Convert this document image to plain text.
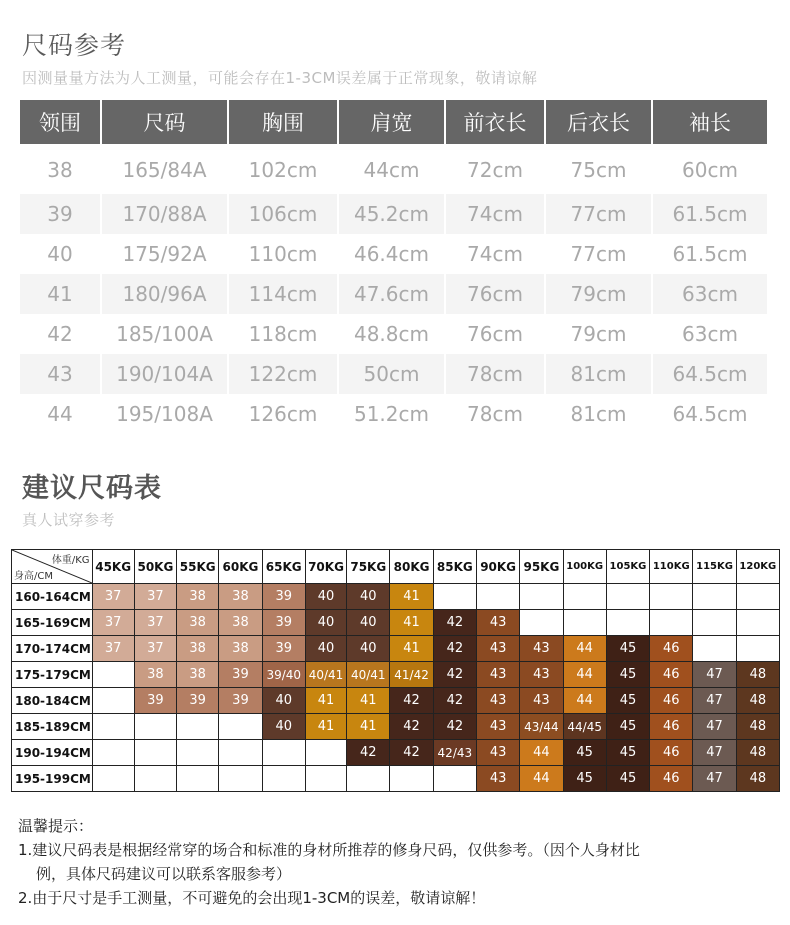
尺码参考
因测量量方法为人工测量，可能会存在1-3CM误差属于正常现象，敬请谅解
领围	尺码	胸围	肩宽	前衣长	后衣长	袖长
38	165/84A	102cm	44cm	72cm	75cm	60cm
39	170/88A	106cm	45.2cm	74cm	77cm	61.5cm
40	175/92A	110cm	46.4cm	74cm	77cm	61.5cm
41	180/96A	114cm	47.6cm	76cm	79cm	63cm
42	185/100A	118cm	48.8cm	76cm	79cm	63cm
43	190/104A	122cm	50cm	78cm	81cm	64.5cm
44	195/108A	126cm	51.2cm	78cm	81cm	64.5cm
建议尺码表
真人试穿参考
体重/KG
身高/CM	45KG	50KG	55KG	60KG	65KG	70KG	75KG	80KG	85KG	90KG	95KG	100KG	105KG	110KG	115KG	120KG
160-164CM	37	37	38	38	39	40	40	41								
165-169CM	37	37	38	38	39	40	40	41	42	43						
170-174CM	37	37	38	38	39	40	40	41	42	43	43	44	45	46		
175-179CM		38	38	39	39/40	40/41	40/41	41/42	42	43	43	44	45	46	47	48
180-184CM		39	39	39	40	41	41	42	42	43	43	44	45	46	47	48
185-189CM					40	41	41	42	42	43	43/44	44/45	45	46	47	48
190-194CM							42	42	42/43	43	44	45	45	46	47	48
195-199CM										43	44	45	45	46	47	48
温馨提示：
1.建议尺码表是根据经常穿的场合和标准的身材所推荐的修身尺码，仅供参考。（因个人身材比
例，具体尺码建议可以联系客服参考）
2.由于尺寸是手工测量，不可避免的会出现1-3CM的误差，敬请谅解！
